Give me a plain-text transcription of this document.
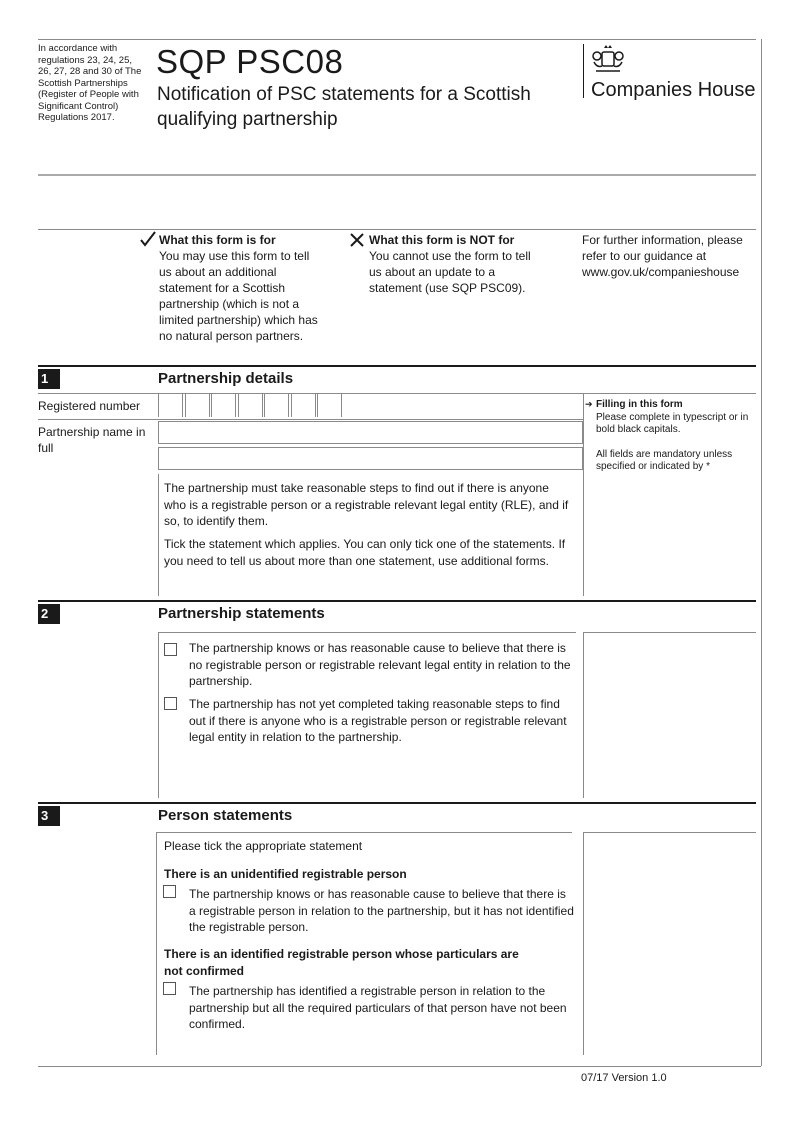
In accordance with regulations 23, 24, 25, 26, 27, 28 and 30 of The Scottish Partnerships (Register of People with Significant Control) Regulations 2017.
SQP PSC08
Notification of PSC statements for a Scottish qualifying partnership
Companies House
What this form is for
You may use this form to tell us about an additional statement for a Scottish partnership (which is not a limited partnership) which has no natural person partners.
What this form is NOT for
You cannot use the form to tell us about an update to a statement (use SQP PSC09).
For further information, please refer to our guidance at www.gov.uk/companieshouse
1	Partnership details
Registered number
Partnership name in full
The partnership must take reasonable steps to find out if there is anyone who is a registrable person or a registrable relevant legal entity (RLE), and if so, to identify them.
Tick the statement which applies. You can only tick one of the statements. If you need to tell us about more than one statement, use additional forms.
➔ Filling in this form
Please complete in typescript or in bold black capitals.
All fields are mandatory unless specified or indicated by *
2	Partnership statements
The partnership knows or has reasonable cause to believe that there is no registrable person or registrable relevant legal entity in relation to the partnership.
The partnership has not yet completed taking reasonable steps to find out if there is anyone who is a registrable person or registrable relevant legal entity in relation to the partnership.
3	Person statements
Please tick the appropriate statement
There is an unidentified registrable person
The partnership knows or has reasonable cause to believe that there is a registrable person in relation to the partnership, but it has not identified the registrable person.
There is an identified registrable person whose particulars are not confirmed
The partnership has identified a registrable person in relation to the partnership but all the required particulars of that person have not been confirmed.
07/17 Version 1.0
